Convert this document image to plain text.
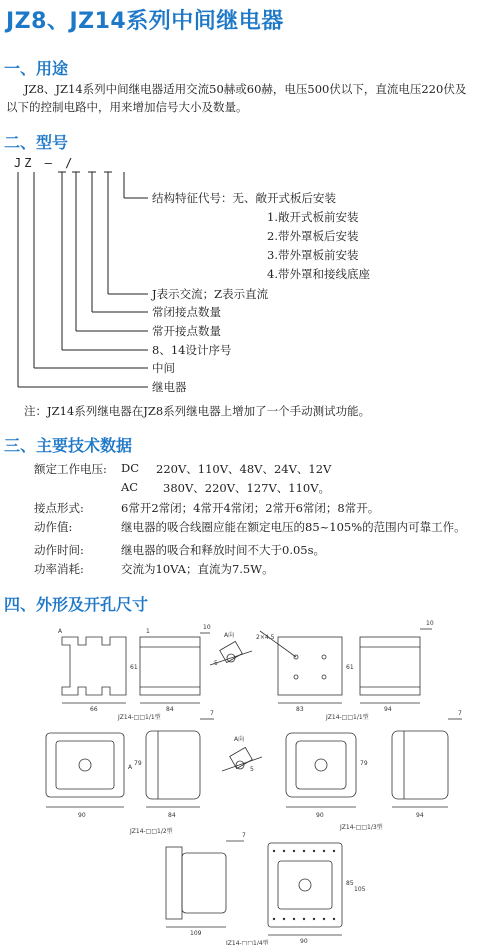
JZ8、JZ14系列中间继电器
一、用途
JZ8、JZ14系列中间继电器适用交流50赫或60赫，电压500伏以下，直流电压220伏及
以下的控制电路中，用来增加信号大小及数量。
二、型号
JZ — /
结构特征代号：无、敞开式板后安装
1.敞开式板前安装
2.带外罩板后安装
3.带外罩板前安装
4.带外罩和接线底座
J表示交流；Z表示直流
常闭接点数量
常开接点数量
8、14设计序号
中间
继电器
注：JZ14系列继电器在JZ8系列继电器上增加了一个手动测试功能。
三、主要技术数据
额定工作电压: DC 220V、110V、48V、24V、12V
AC 380V、220V、127V、110V。
接点形式:	6常开2常闭；4常开4常闭；2常开6常闭；8常开。
动作值:	继电器的吸合线圈应能在额定电压的85~105%的范围内可靠工作。
动作时间:	继电器的吸合和释放时间不大于0.05s。
功率消耗:	交流为10VA；直流为7.5W。
四、外形及开孔尺寸
66
61
84
10
A向
5
2×4.5
83
61
94
10
A	1
JZ14-□□1/1型	JZ14-□□1/1型
90
A
79
84
7
A向
5
90
79
94
7
JZ14-□□1/2型
JZ14-□□1/3型
7
109
90
85
105
JZ14-□□1/4型
